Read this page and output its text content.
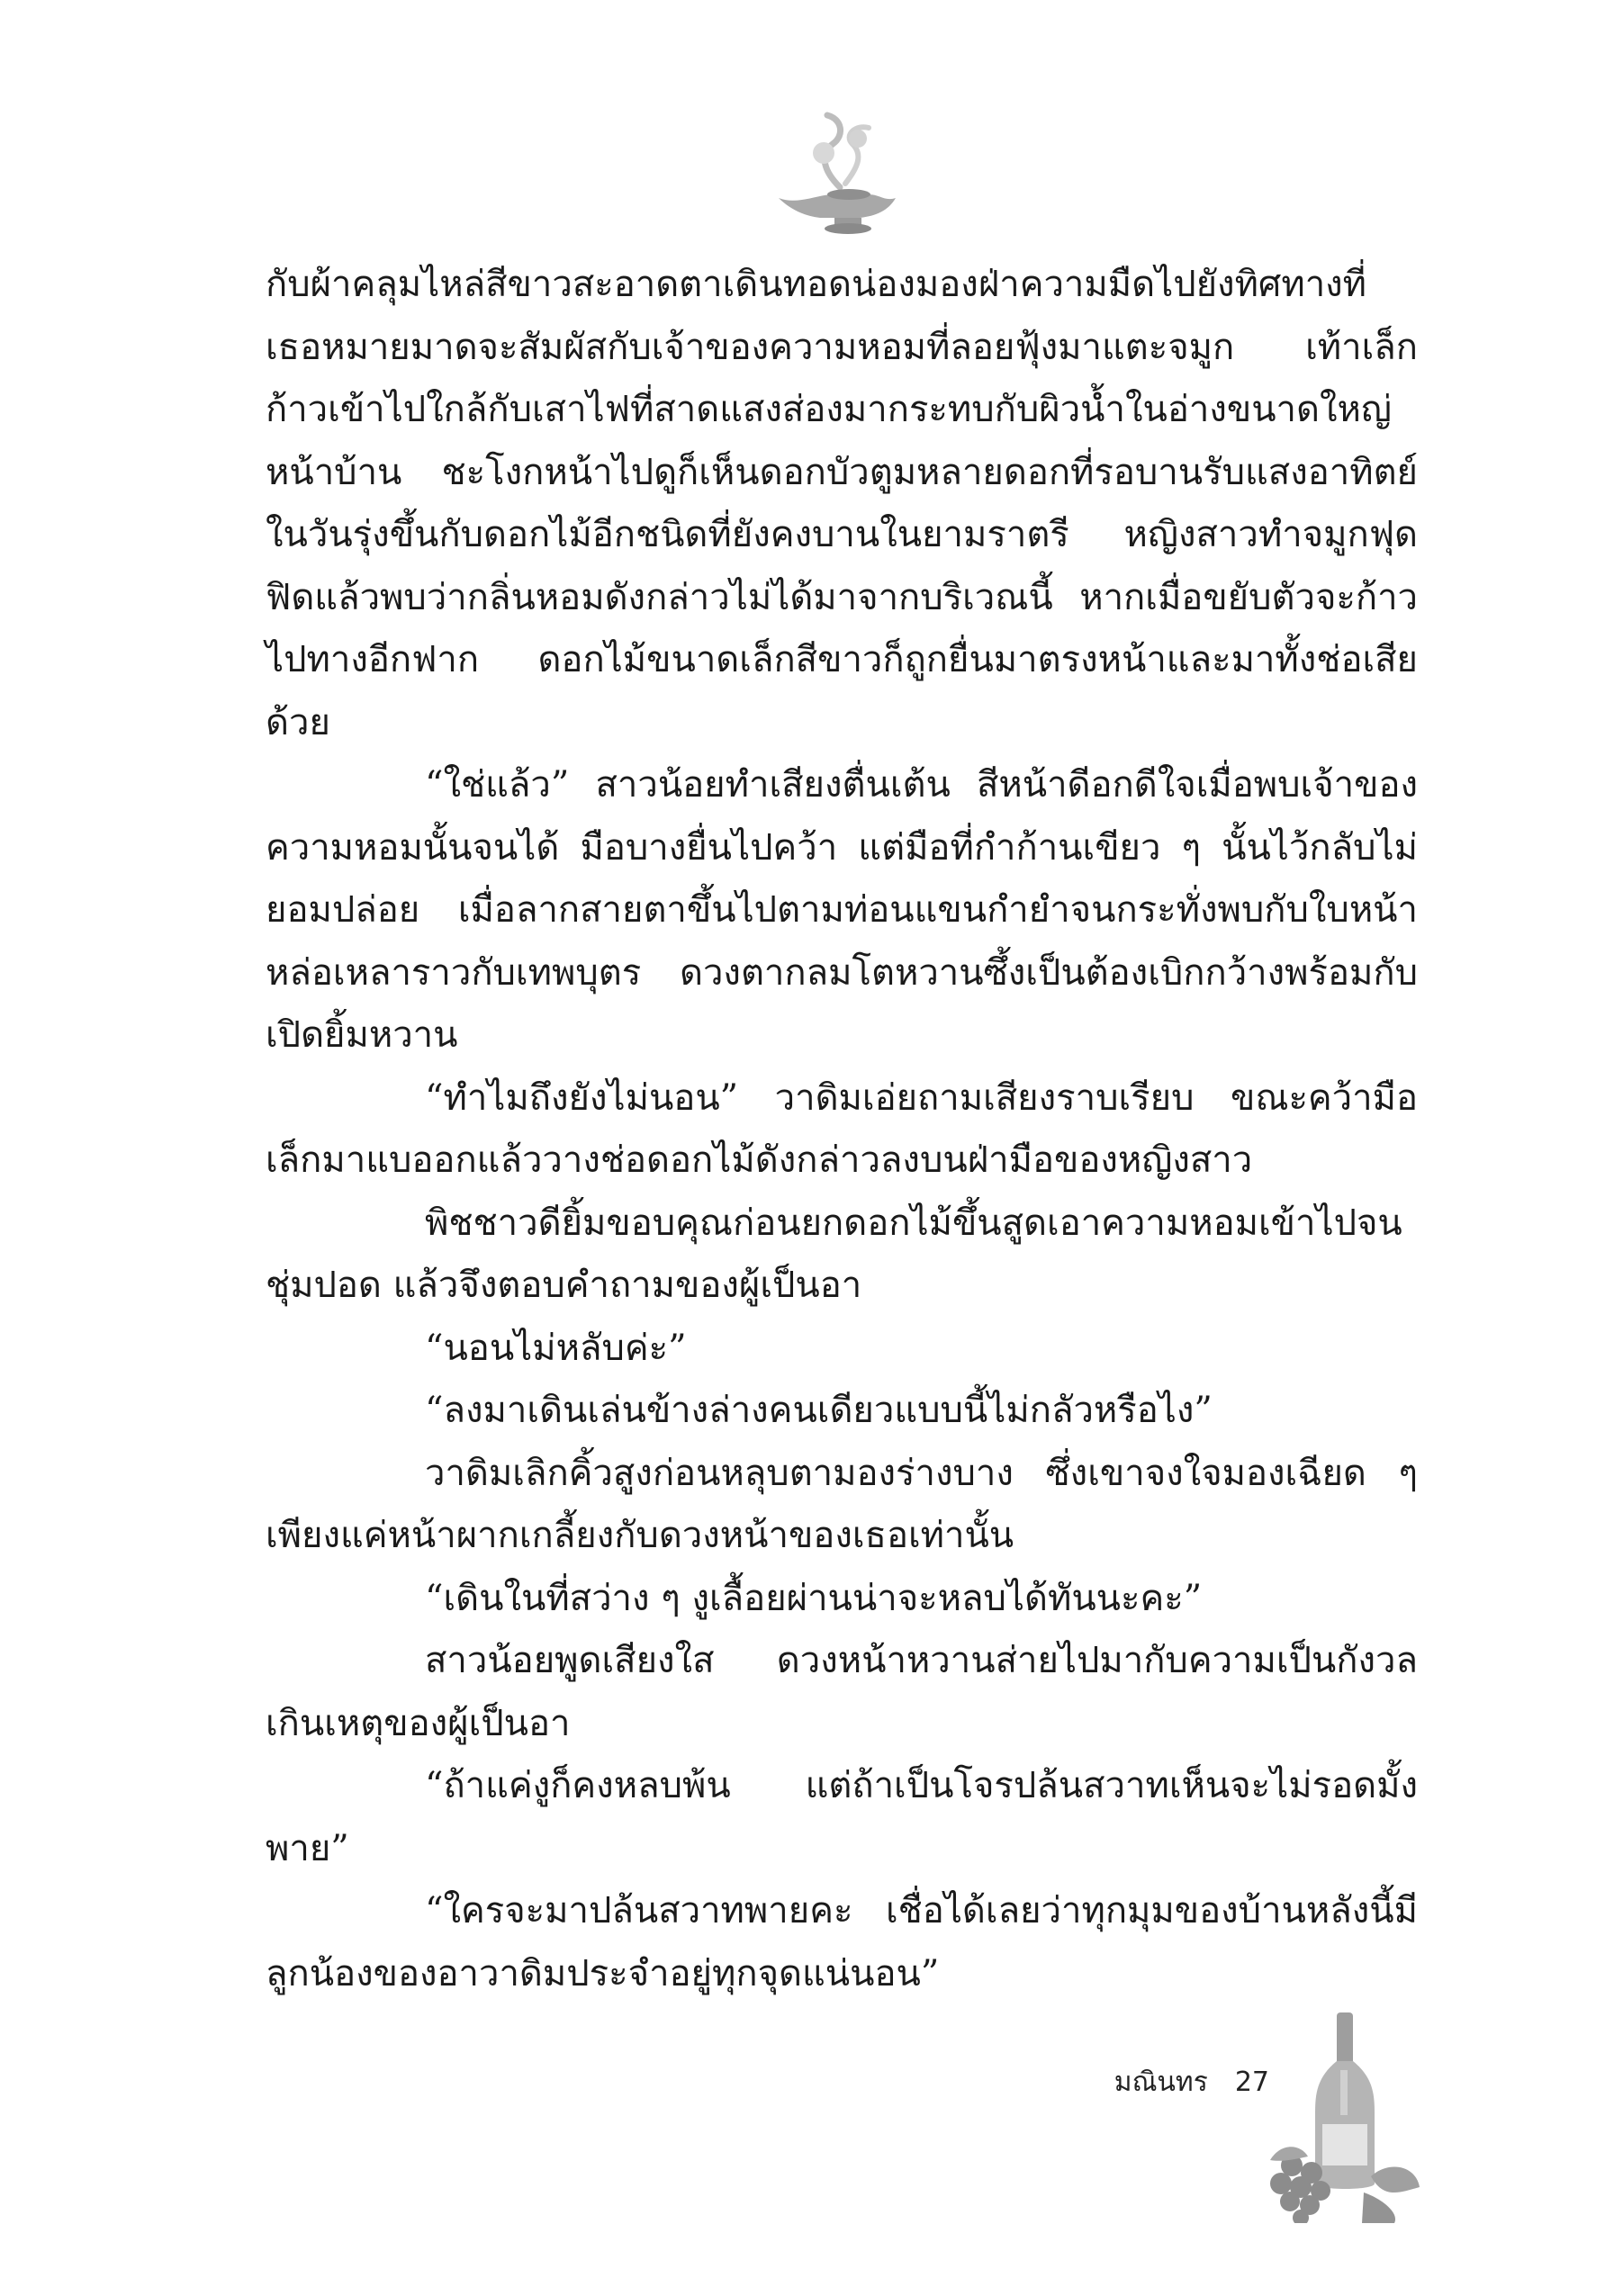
กับผ้าคลุมไหล่สีขาวสะอาดตาเดินทอดน่องมองฝ่าความมืดไปยังทิศทางที่เธอหมายมาดจะสัมผัสกับเจ้าของความหอมที่ลอยฟุ้งมาแตะจมูก เท้าเล็กก้าวเข้าไปใกล้กับเสาไฟที่สาดแสงส่องมากระทบกับผิวน้ำในอ่างขนาดใหญ่หน้าบ้าน ชะโงกหน้าไปดูก็เห็นดอกบัวตูมหลายดอกที่รอบานรับแสงอาทิตย์ในวันรุ่งขึ้นกับดอกไม้อีกชนิดที่ยังคงบานในยามราตรี หญิงสาวทำจมูกฟุดฟิดแล้วพบว่ากลิ่นหอมดังกล่าวไม่ได้มาจากบริเวณนี้ หากเมื่อขยับตัวจะก้าวไปทางอีกฟาก ดอกไม้ขนาดเล็กสีขาวก็ถูกยื่นมาตรงหน้าและมาทั้งช่อเสียด้วย

“ใช่แล้ว” สาวน้อยทำเสียงตื่นเต้น สีหน้าดีอกดีใจเมื่อพบเจ้าของความหอมนั้นจนได้ มือบางยื่นไปคว้า แต่มือที่กำก้านเขียว ๆ นั้นไว้กลับไม่ยอมปล่อย เมื่อลากสายตาขึ้นไปตามท่อนแขนกำยำจนกระทั่งพบกับใบหน้าหล่อเหลาราวกับเทพบุตร ดวงตากลมโตหวานซึ้งเป็นต้องเบิกกว้างพร้อมกับเปิดยิ้มหวาน

“ทำไมถึงยังไม่นอน” วาดิมเอ่ยถามเสียงราบเรียบ ขณะคว้ามือเล็กมาแบออกแล้ววางช่อดอกไม้ดังกล่าวลงบนฝ่ามือของหญิงสาว

พิชชาวดียิ้มขอบคุณก่อนยกดอกไม้ขึ้นสูดเอาความหอมเข้าไปจนชุ่มปอด แล้วจึงตอบคำถามของผู้เป็นอา

“นอนไม่หลับค่ะ”

“ลงมาเดินเล่นข้างล่างคนเดียวแบบนี้ไม่กลัวหรือไง”

วาดิมเลิกคิ้วสูงก่อนหลุบตามองร่างบาง ซึ่งเขาจงใจมองเฉียด ๆ เพียงแค่หน้าผากเกลี้ยงกับดวงหน้าของเธอเท่านั้น

“เดินในที่สว่าง ๆ งูเลื้อยผ่านน่าจะหลบได้ทันนะคะ”

สาวน้อยพูดเสียงใส ดวงหน้าหวานส่ายไปมากับความเป็นกังวลเกินเหตุของผู้เป็นอา

“ถ้าแค่งูก็คงหลบพ้น แต่ถ้าเป็นโจรปล้นสวาทเห็นจะไม่รอดมั้งพาย”

“ใครจะมาปล้นสวาทพายคะ เชื่อได้เลยว่าทุกมุมของบ้านหลังนี้มีลูกน้องของอาวาดิมประจำอยู่ทุกจุดแน่นอน”

มณินทร 27
